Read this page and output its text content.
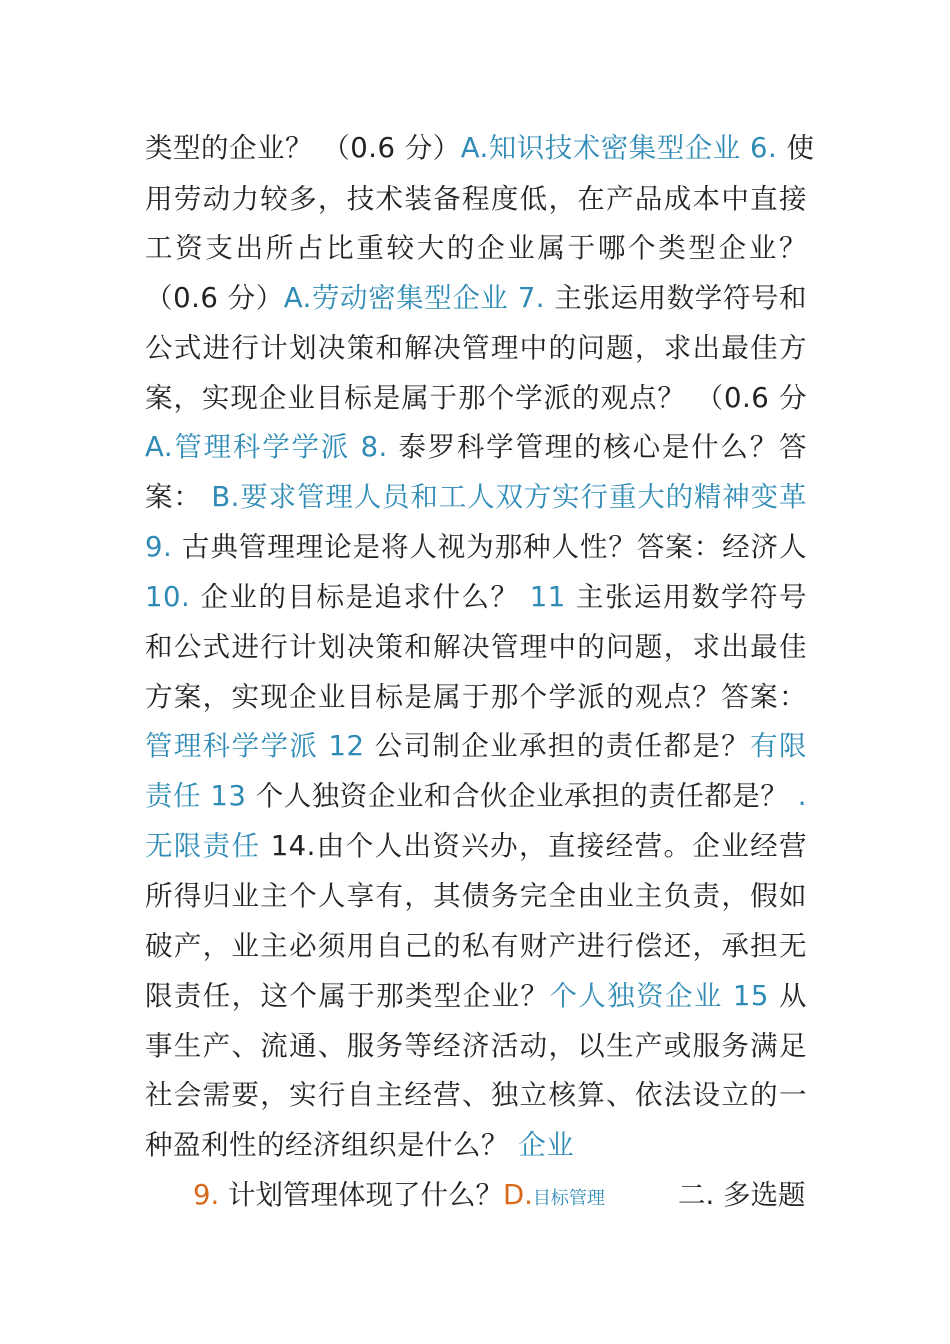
类型的企业？ （0.6 分）A.知识技术密集型企业 6. 使
用劳动力较多，技术装备程度低，在产品成本中直接
工资支出所占比重较大的企业属于哪个类型企业？
（0.6 分）A.劳动密集型企业 7. 主张运用数学符号和
公式进行计划决策和解决管理中的问题，求出最佳方
案，实现企业目标是属于那个学派的观点？ （0.6 分
A.管理科学学派 8. 泰罗科学管理的核心是什么？答
案： B.要求管理人员和工人双方实行重大的精神变革
9. 古典管理理论是将人视为那种人性？答案：经济人
10. 企业的目标是追求什么？ 11 主张运用数学符号
和公式进行计划决策和解决管理中的问题，求出最佳
方案，实现企业目标是属于那个学派的观点？答案：
管理科学学派 12 公司制企业承担的责任都是？有限
责任 13 个人独资企业和合伙企业承担的责任都是？ .
无限责任 14.由个人出资兴办，直接经营。企业经营
所得归业主个人享有，其债务完全由业主负责，假如
破产，业主必须用自己的私有财产进行偿还，承担无
限责任，这个属于那类型企业？个人独资企业 15 从
事生产、流通、服务等经济活动，以生产或服务满足
社会需要，实行自主经营、独立核算、依法设立的一
种盈利性的经济组织是什么？ 企业
9. 计划管理体现了什么？D.目标管理	二. 多选题
